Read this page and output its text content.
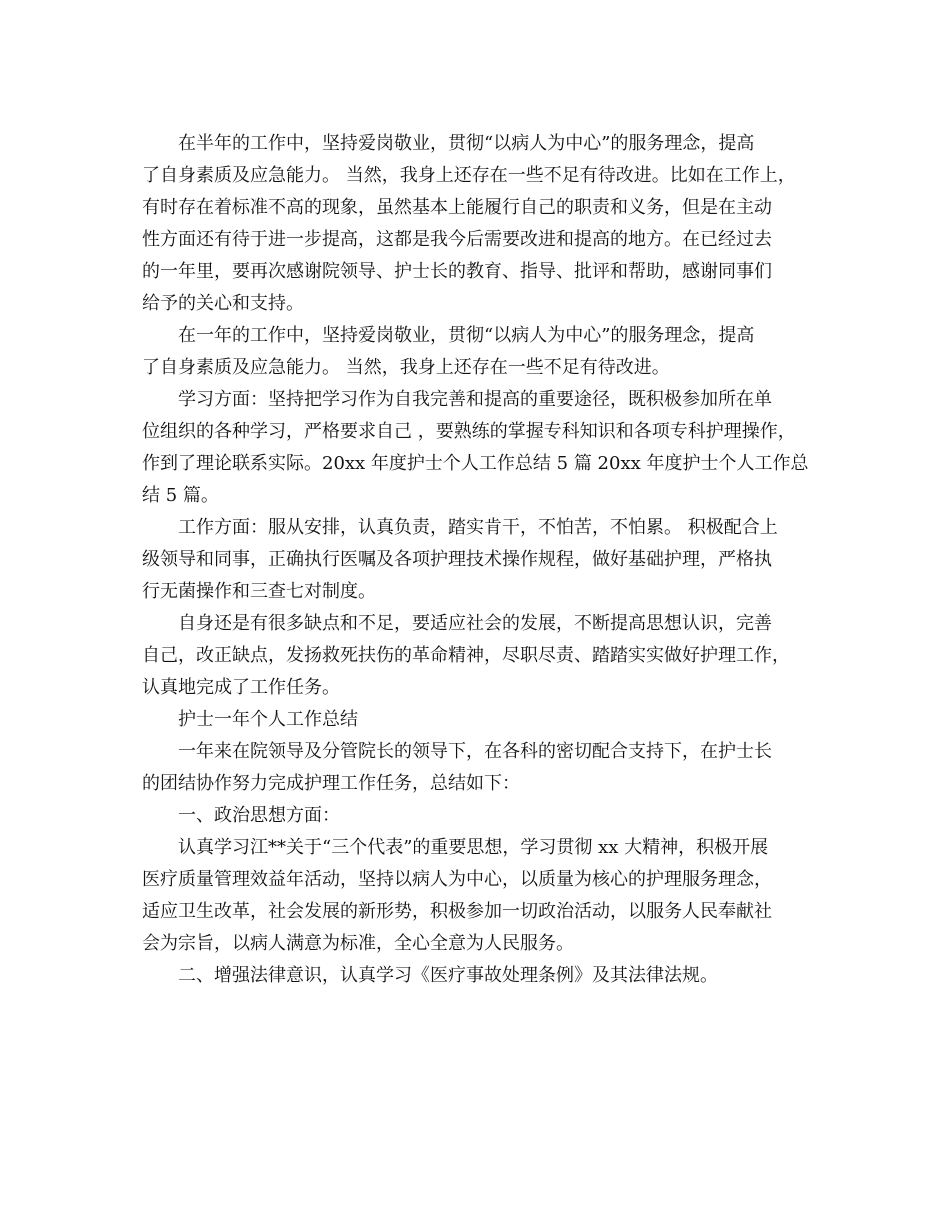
在半年的工作中，坚持爱岗敬业，贯彻“以病人为中心”的服务理念，提高
了自身素质及应急能力。 当然，我身上还存在一些不足有待改进。比如在工作上，
有时存在着标准不高的现象，虽然基本上能履行自己的职责和义务，但是在主动
性方面还有待于进一步提高，这都是我今后需要改进和提高的地方。在已经过去
的一年里，要再次感谢院领导、护士长的教育、指导、批评和帮助，感谢同事们
给予的关心和支持。
在一年的工作中，坚持爱岗敬业，贯彻“以病人为中心”的服务理念，提高
了自身素质及应急能力。 当然，我身上还存在一些不足有待改进。
学习方面：坚持把学习作为自我完善和提高的重要途径，既积极参加所在单
位组织的各种学习，严格要求自己 ，要熟练的掌握专科知识和各项专科护理操作，
作到了理论联系实际。20xx 年度护士个人工作总结 5 篇 20xx 年度护士个人工作总
结 5 篇。
工作方面：服从安排，认真负责，踏实肯干，不怕苦，不怕累。 积极配合上
级领导和同事，正确执行医嘱及各项护理技术操作规程，做好基础护理，严格执
行无菌操作和三查七对制度。
自身还是有很多缺点和不足，要适应社会的发展，不断提高思想认识，完善
自己，改正缺点，发扬救死扶伤的革命精神，尽职尽责、踏踏实实做好护理工作，
认真地完成了工作任务。
护士一年个人工作总结
一年来在院领导及分管院长的领导下，在各科的密切配合支持下，在护士长
的团结协作努力完成护理工作任务，总结如下：
一、政治思想方面：
认真学习江**关于“三个代表”的重要思想，学习贯彻 xx 大精神，积极开展
医疗质量管理效益年活动，坚持以病人为中心，以质量为核心的护理服务理念，
适应卫生改革，社会发展的新形势，积极参加一切政治活动，以服务人民奉献社
会为宗旨，以病人满意为标准，全心全意为人民服务。
二、增强法律意识，认真学习《医疗事故处理条例》及其法律法规。
